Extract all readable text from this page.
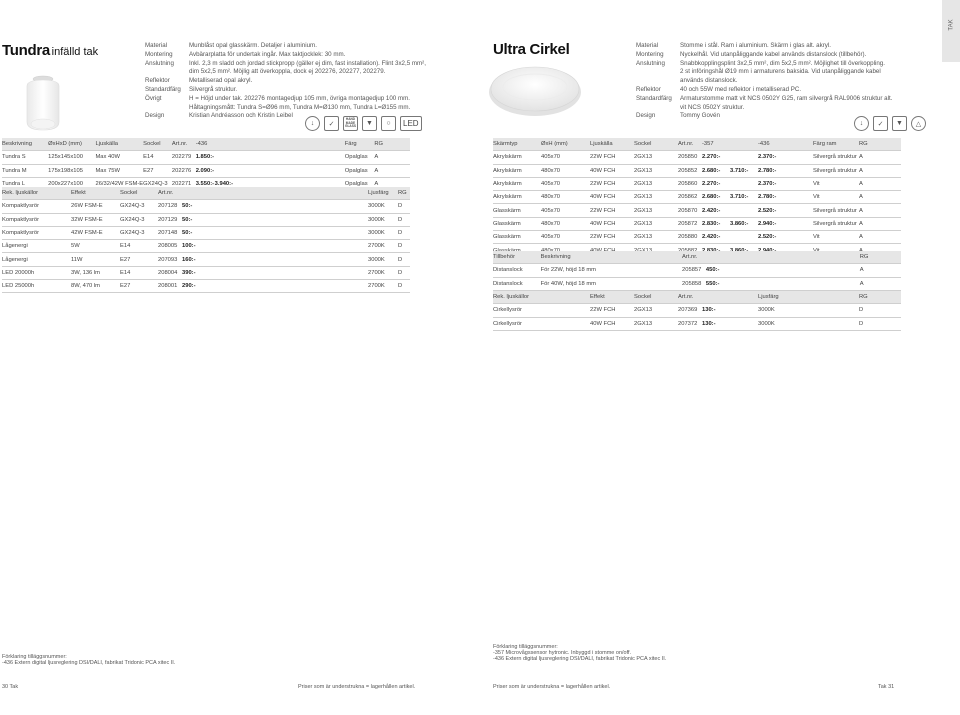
Tundra infälld tak
Material	Munblåst opal glasskärm. Detaljer i aluminium.
Montering	Avbärarplatta för undertak ingår. Max taktjocklek: 30 mm.
Anslutning	Inkl. 2,3 m sladd och jordad stickpropp (gäller ej dim, fast installation). Flint 3x2,5 mm²,
dim 5x2,5 mm². Möjlig att överkoppla, dock ej 202276, 202277, 202279.
Reflektor	Metalliserad opal akryl.
Standardfärg	Silvergrå struktur.
Övrigt	H = Höjd under tak. 202276 montagedjup 105 mm, övriga montagedjup 100 mm.
Håltagningsmått: Tundra S=Ø96 mm, Tundra M=Ø130 mm, Tundra L=Ø155 mm.
Design	Kristian Andréasson och Kristin Leibel
↓	✓
HAND MADE GLASS	▼	○	LED
Beskrivning	ØxHxD (mm)	Ljuskälla	Sockel	Art.nr.	-436		Färg	RG
Tundra S	125x145x100	Max 40W	E14	202279	1.850:-		Opalglas	A
Tundra M	175x198x105	Max 75W	E27	202276	2.090:-		Opalglas	A
Tundra L	200x227x100	26/32/42W FSM-E	GX24Q-3	202271	3.550:-	3.940:-	Opalglas	A
Rek. ljuskällor	Effekt	Sockel	Art.nr.		Ljusfärg	RG
Kompaktlysrör	26W FSM-E	GX24Q-3	207128	50:-	3000K	D
Kompaktlysrör	32W FSM-E	GX24Q-3	207129	50:-	3000K	D
Kompaktlysrör	42W FSM-E	GX24Q-3	207148	50:-	3000K	D
Lågenergi	5W	E14	208005	100:-	2700K	D
Lågenergi	11W	E27	207093	160:-	3000K	D
LED 20000h	3W, 136 lm	E14	208004	390:-	2700K	D
LED 25000h	8W, 470 lm	E27	208001	290:-	2700K	D
Förklaring tilläggsnummer:
-436 Extern digital ljusreglering DSI/DALI, fabrikat Tridonic PCA xitec II.
30 Tak	Priser som är understrukna = lagerhållen artikel.
Ultra Cirkel	Material	Stomme i stål. Ram i aluminium. Skärm i glas alt. akryl.
Montering	Nyckelhål. Vid utanpåliggande kabel används distanslock (tillbehör).
Anslutning	Snabbkopplingsplint 3x2,5 mm², dim 5x2,5 mm². Möjlighet till överkoppling.
2 st införingshål Ø19 mm i armaturens baksida. Vid utanpåliggande kabel
används distanslock.
Reflektor	40 och 55W med reflektor i metalliserad PC.
Standardfärg	Armaturstomme matt vit NCS 0502Y G25, ram silvergrå RAL9006 struktur alt.
vit NCS 0502Y struktur.
Design	Tommy Govén
↓	✓	▼	△
Skärmtyp	ØxH (mm)	Ljuskälla	Sockel	Art.nr.	-357		-436	Färg ram	RG
Akrylskärm	405x70	22W FCH	2GX13	205850	2.270:-		2.370:-	Silvergrå struktur	A
Akrylskärm	480x70	40W FCH	2GX13	205852	2.680:-	3.710:-	2.780:-	Silvergrå struktur	A
Akrylskärm	405x70	22W FCH	2GX13	205860	2.270:-		2.370:-	Vit	A
Akrylskärm	480x70	40W FCH	2GX13	205862	2.680:-	3.710:-	2.780:-	Vit	A
Glasskärm	405x70	22W FCH	2GX13	205870	2.420:-		2.520:-	Silvergrå struktur	A
Glasskärm	480x70	40W FCH	2GX13	205872	2.830:-	3.860:-	2.940:-	Silvergrå struktur	A
Glasskärm	405x70	22W FCH	2GX13	205880	2.420:-		2.520:-	Vit	A

Tillbehör	Beskrivning			Art.nr.					RG
Distanslock	För 22W, höjd 18 mm			205857	450:-				A
Distanslock	För 40W, höjd 18 mm			205858	550:-				A
Rek. ljuskällor		Effekt	Sockel	Art.nr.			Ljusfärg		RG
Cirkellysrör		22W FCH	2GX13	207369	130:-		3000K		D
Cirkellysrör		40W FCH	2GX13	207372	130:-		3000K		D
Förklaring tilläggsnummer:
-357 Microvågssensor hytronic. Inbyggd i stomme on/off.
-436 Extern digital ljusreglering DSI/DALI, fabrikat Tridonic PCA xitec II.
Priser som är understrukna = lagerhållen artikel.	Tak 31
TAK
